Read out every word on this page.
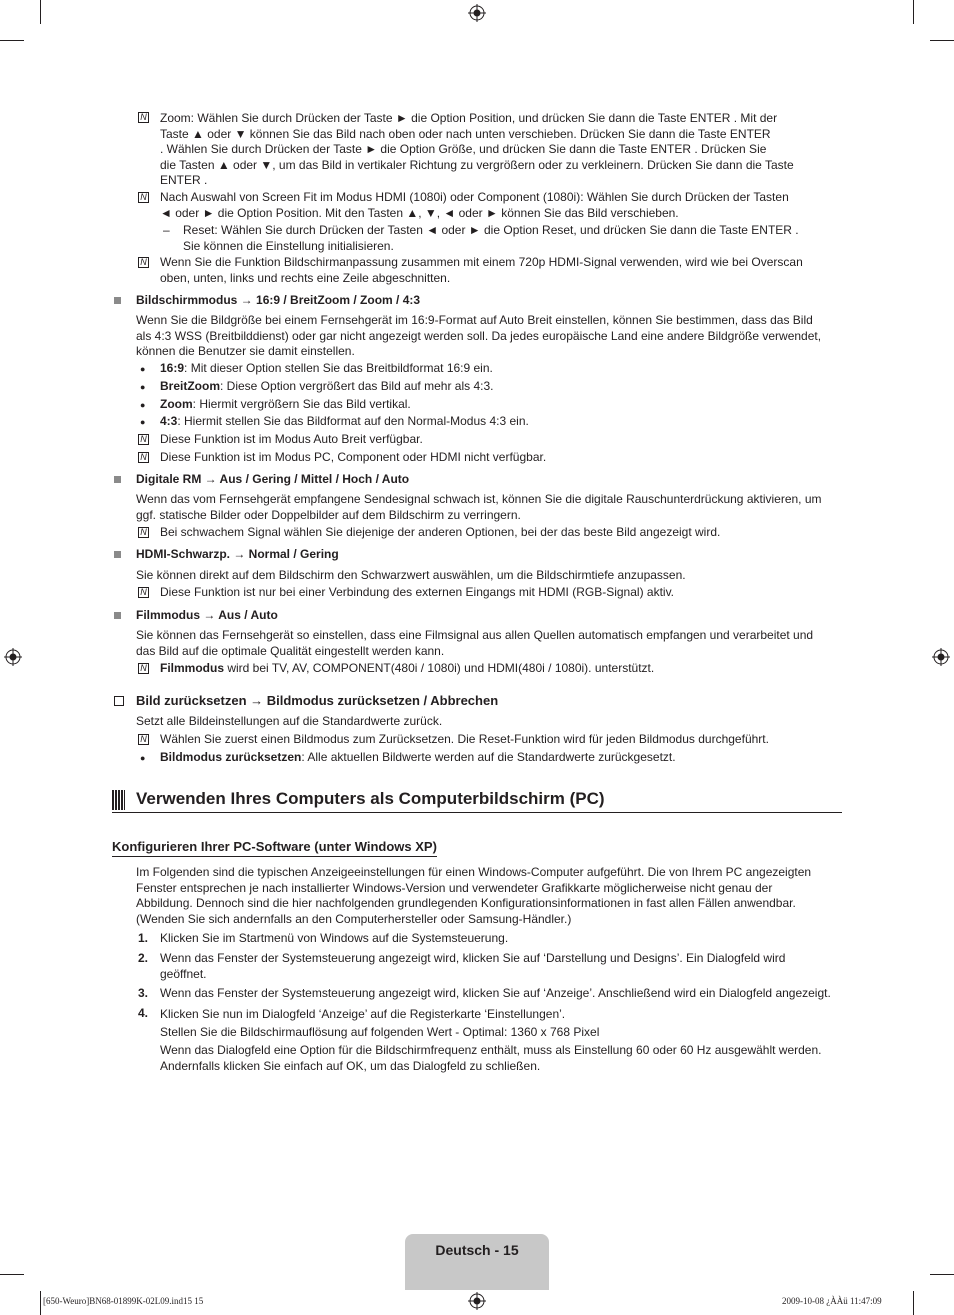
N Zoom: Wählen Sie durch Drücken der Taste ► die Option Position, und drücken Sie dann die Taste ENTER . Mit der
Taste ▲ oder ▼ können Sie das Bild nach oben oder nach unten verschieben. Drücken Sie dann die Taste ENTER
. Wählen Sie durch Drücken der Taste ► die Option Größe, und drücken Sie dann die Taste ENTER . Drücken Sie
die Tasten ▲ oder ▼, um das Bild in vertikaler Richtung zu vergrößern oder zu verkleinern. Drücken Sie dann die Taste
ENTER .
N Nach Auswahl von Screen Fit im Modus HDMI (1080i) oder Component (1080i): Wählen Sie durch Drücken der Tasten
◄ oder ► die Option Position. Mit den Tasten ▲, ▼, ◄ oder ► können Sie das Bild verschieben.
– Reset: Wählen Sie durch Drücken der Tasten ◄ oder ► die Option Reset, und drücken Sie dann die Taste ENTER .
Sie können die Einstellung initialisieren.
N Wenn Sie die Funktion Bildschirmanpassung zusammen mit einem 720p HDMI-Signal verwenden, wird wie bei Overscan
oben, unten, links und rechts eine Zeile abgeschnitten.
Bildschirmmodus → 16:9 / BreitZoom / Zoom / 4:3
Wenn Sie die Bildgröße bei einem Fernsehgerät im 16:9-Format auf Auto Breit einstellen, können Sie bestimmen, dass das Bild
als 4:3 WSS (Breitbilddienst) oder gar nicht angezeigt werden soll. Da jedes europäische Land eine andere Bildgröße verwendet,
können die Benutzer sie damit einstellen.
● 16:9: Mit dieser Option stellen Sie das Breitbildformat 16:9 ein.
● BreitZoom: Diese Option vergrößert das Bild auf mehr als 4:3.
● Zoom: Hiermit vergrößern Sie das Bild vertikal.
● 4:3: Hiermit stellen Sie das Bildformat auf den Normal-Modus 4:3 ein.
N Diese Funktion ist im Modus Auto Breit verfügbar.
N Diese Funktion ist im Modus PC, Component oder HDMI nicht verfügbar.
Digitale RM → Aus / Gering / Mittel / Hoch / Auto
Wenn das vom Fernsehgerät empfangene Sendesignal schwach ist, können Sie die digitale Rauschunterdrückung aktivieren, um
ggf. statische Bilder oder Doppelbilder auf dem Bildschirm zu verringern.
N Bei schwachem Signal wählen Sie diejenige der anderen Optionen, bei der das beste Bild angezeigt wird.
HDMI-Schwarzp. → Normal / Gering
Sie können direkt auf dem Bildschirm den Schwarzwert auswählen, um die Bildschirmtiefe anzupassen.
N Diese Funktion ist nur bei einer Verbindung des externen Eingangs mit HDMI (RGB-Signal) aktiv.
Filmmodus → Aus / Auto
Sie können das Fernsehgerät so einstellen, dass eine Filmsignal aus allen Quellen automatisch empfangen und verarbeitet und
das Bild auf die optimale Qualität eingestellt werden kann.
N Filmmodus wird bei TV, AV, COMPONENT(480i / 1080i) und HDMI(480i / 1080i). unterstützt.
Bild zurücksetzen → Bildmodus zurücksetzen / Abbrechen
Setzt alle Bildeinstellungen auf die Standardwerte zurück.
N Wählen Sie zuerst einen Bildmodus zum Zurücksetzen. Die Reset-Funktion wird für jeden Bildmodus durchgeführt.
● Bildmodus zurücksetzen: Alle aktuellen Bildwerte werden auf die Standardwerte zurückgesetzt.
Verwenden Ihres Computers als Computerbildschirm (PC)
Konfigurieren Ihrer PC-Software (unter Windows XP)
Im Folgenden sind die typischen Anzeigeeinstellungen für einen Windows-Computer aufgeführt. Die von Ihrem PC angezeigten
Fenster entsprechen je nach installierter Windows-Version und verwendeter Grafikkarte möglicherweise nicht genau der
Abbildung. Dennoch sind die hier nachfolgenden grundlegenden Konfigurationsinformationen in fast allen Fällen anwendbar.
(Wenden Sie sich andernfalls an den Computerhersteller oder Samsung-Händler.)
1. Klicken Sie im Startmenü von Windows auf die Systemsteuerung.
2. Wenn das Fenster der Systemsteuerung angezeigt wird, klicken Sie auf ‘Darstellung und Designs’. Ein Dialogfeld wird
geöffnet.
3. Wenn das Fenster der Systemsteuerung angezeigt wird, klicken Sie auf ‘Anzeige’. Anschließend wird ein Dialogfeld angezeigt.
4. Klicken Sie nun im Dialogfeld ‘Anzeige’ auf die Registerkarte ‘Einstellungen’.
Stellen Sie die Bildschirmauflösung auf folgenden Wert - Optimal: 1360 x 768 Pixel
Wenn das Dialogfeld eine Option für die Bildschirmfrequenz enthält, muss als Einstellung 60 oder 60 Hz ausgewählt werden.
Andernfalls klicken Sie einfach auf OK, um das Dialogfeld zu schließen.
Deutsch - 15
[650-Weuro]BN68-01899K-02L09.ind15 15	2009-10-08 ¿ÀÀü 11:47:09
